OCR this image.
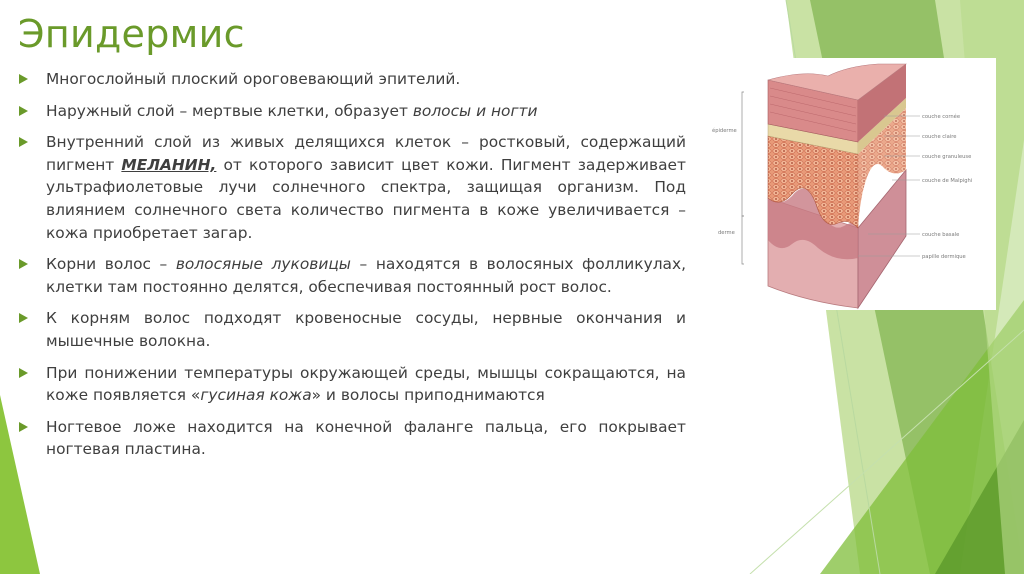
Эпидермис
Многослойный плоский ороговевающий эпителий.
Наружный слой – мертвые клетки, образует волосы и ногти
Внутренний слой из живых делящихся клеток – ростковый, содержащий пигмент МЕЛАНИН, от которого зависит цвет кожи. Пигмент задерживает ультрафиолетовые лучи солнечного спектра, защищая организм. Под влиянием солнечного света количество пигмента в коже увеличивается – кожа приобретает загар.
Корни волос – волосяные луковицы – находятся в волосяных фолликулах, клетки там постоянно делятся, обеспечивая постоянный рост волос.
К корням волос подходят кровеносные сосуды, нервные окончания и мышечные волокна.
При понижении температуры окружающей среды, мышцы сокращаются, на коже появляется «гусиная кожа» и волосы приподнимаются
Ногтевое ложе находится на конечной фаланге пальца, его покрывает ногтевая пластина.
épiderme
derme
couche cornée
couche claire
couche granuleuse
couche de Malpighi
couche basale
papille dermique
